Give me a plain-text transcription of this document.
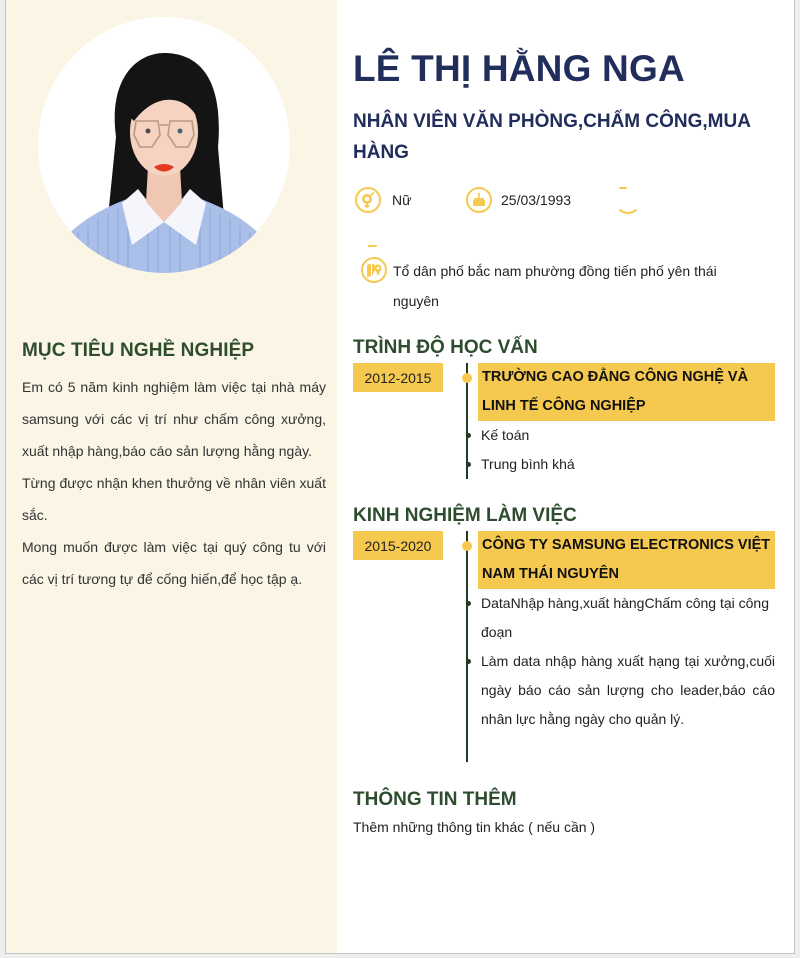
MỤC TIÊU NGHỀ NGHIỆP

Em có 5 năm kinh nghiệm làm việc tại nhà máy samsung với các vị trí như chấm công xưởng, xuất nhập hàng,báo cáo sản lượng hằng ngày.

Từng được nhận khen thưởng về nhân viên xuất sắc.

Mong muốn được làm việc tại quý công tu với các vị trí tương tự để cống hiến,để học tập ạ.

LÊ THỊ HẰNG NGA
NHÂN VIÊN VĂN PHÒNG,CHẤM CÔNG,MUA HÀNG
Nữ	25/03/1993
Tổ dân phố bắc nam phường đồng tiến phố yên thái nguyên
TRÌNH ĐỘ HỌC VẤN
2012-2015	TRƯỜNG CAO ĐẲNG CÔNG NGHỆ VÀ LINH TẾ CÔNG NGHIỆP
Kế toán
Trung bình khá
KINH NGHIỆM LÀM VIỆC
2015-2020	CÔNG TY SAMSUNG ELECTRONICS VIỆT NAM THÁI NGUYÊN
DataNhập hàng,xuất hàngChấm công tại công đoạn
Làm data nhập hàng xuất hạng tại xưởng,cuối ngày báo cáo sản lượng cho leader,báo cáo nhân lực hằng ngày cho quản lý.
THÔNG TIN THÊM
Thêm những thông tin khác ( nếu cần )
